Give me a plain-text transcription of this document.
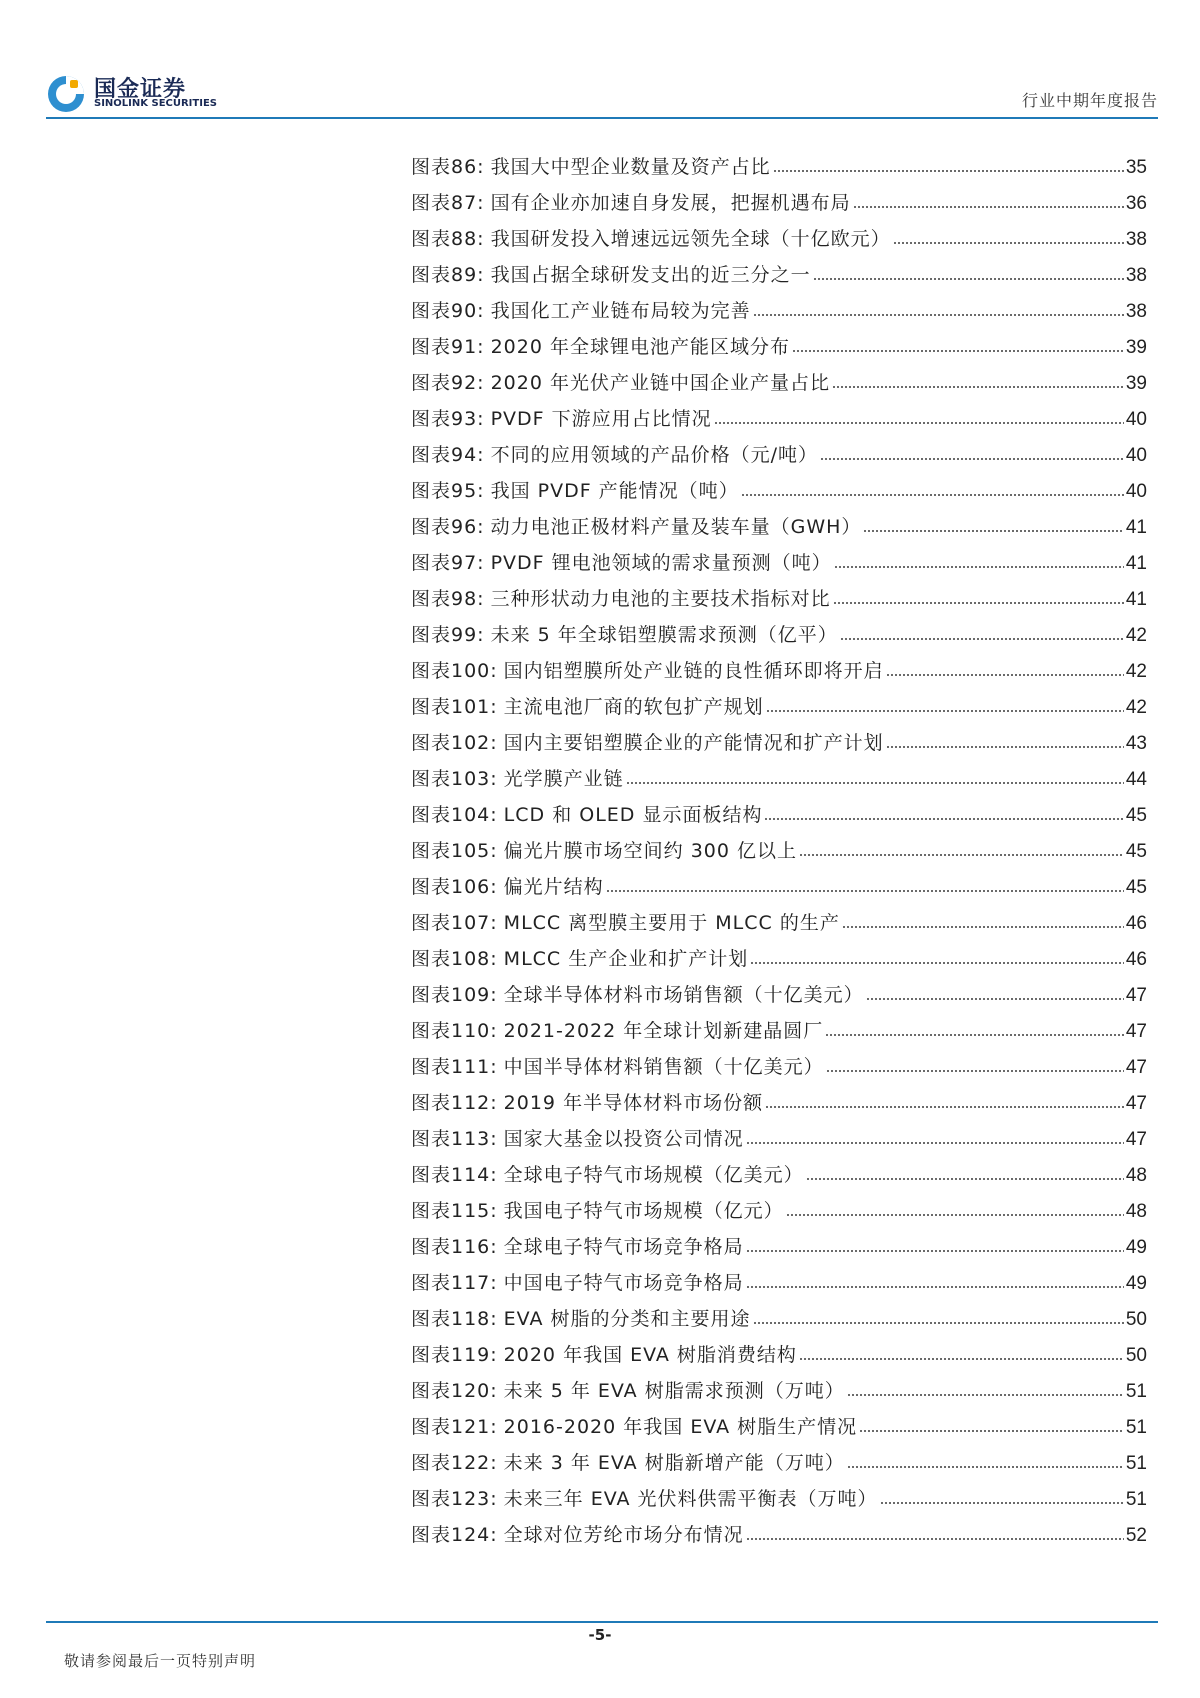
国金证券
SINOLINK SECURITIES	行业中期年度报告
图表86: 我国大中型企业数量及资产占比	35
图表87: 国有企业亦加速自身发展，把握机遇布局	36
图表88: 我国研发投入增速远远领先全球（十亿欧元）	38
图表89: 我国占据全球研发支出的近三分之一	38
图表90: 我国化工产业链布局较为完善	38
图表91: 2020 年全球锂电池产能区域分布	39
图表92: 2020 年光伏产业链中国企业产量占比	39
图表93: PVDF 下游应用占比情况	40
图表94: 不同的应用领域的产品价格（元/吨）	40
图表95: 我国 PVDF 产能情况（吨）	40
图表96: 动力电池正极材料产量及装车量（GWH）	41
图表97: PVDF 锂电池领域的需求量预测（吨）	41
图表98: 三种形状动力电池的主要技术指标对比	41
图表99: 未来 5 年全球铝塑膜需求预测（亿平）	42
图表100: 国内铝塑膜所处产业链的良性循环即将开启	42
图表101: 主流电池厂商的软包扩产规划	42
图表102: 国内主要铝塑膜企业的产能情况和扩产计划	43
图表103: 光学膜产业链	44
图表104: LCD 和 OLED 显示面板结构	45
图表105: 偏光片膜市场空间约 300 亿以上	45
图表106: 偏光片结构	45
图表107: MLCC 离型膜主要用于 MLCC 的生产	46
图表108: MLCC 生产企业和扩产计划	46
图表109: 全球半导体材料市场销售额（十亿美元）	47
图表110: 2021-2022 年全球计划新建晶圆厂	47
图表111: 中国半导体材料销售额（十亿美元）	47
图表112: 2019 年半导体材料市场份额	47
图表113: 国家大基金以投资公司情况	47
图表114: 全球电子特气市场规模（亿美元）	48
图表115: 我国电子特气市场规模（亿元）	48
图表116: 全球电子特气市场竞争格局	49
图表117: 中国电子特气市场竞争格局	49
图表118: EVA 树脂的分类和主要用途	50
图表119: 2020 年我国 EVA 树脂消费结构	50
图表120: 未来 5 年 EVA 树脂需求预测（万吨）	51
图表121: 2016-2020 年我国 EVA 树脂生产情况	51
图表122: 未来 3 年 EVA 树脂新增产能（万吨）	51
图表123: 未来三年 EVA 光伏料供需平衡表（万吨）	51
图表124: 全球对位芳纶市场分布情况	52
-5-
敬请参阅最后一页特别声明
